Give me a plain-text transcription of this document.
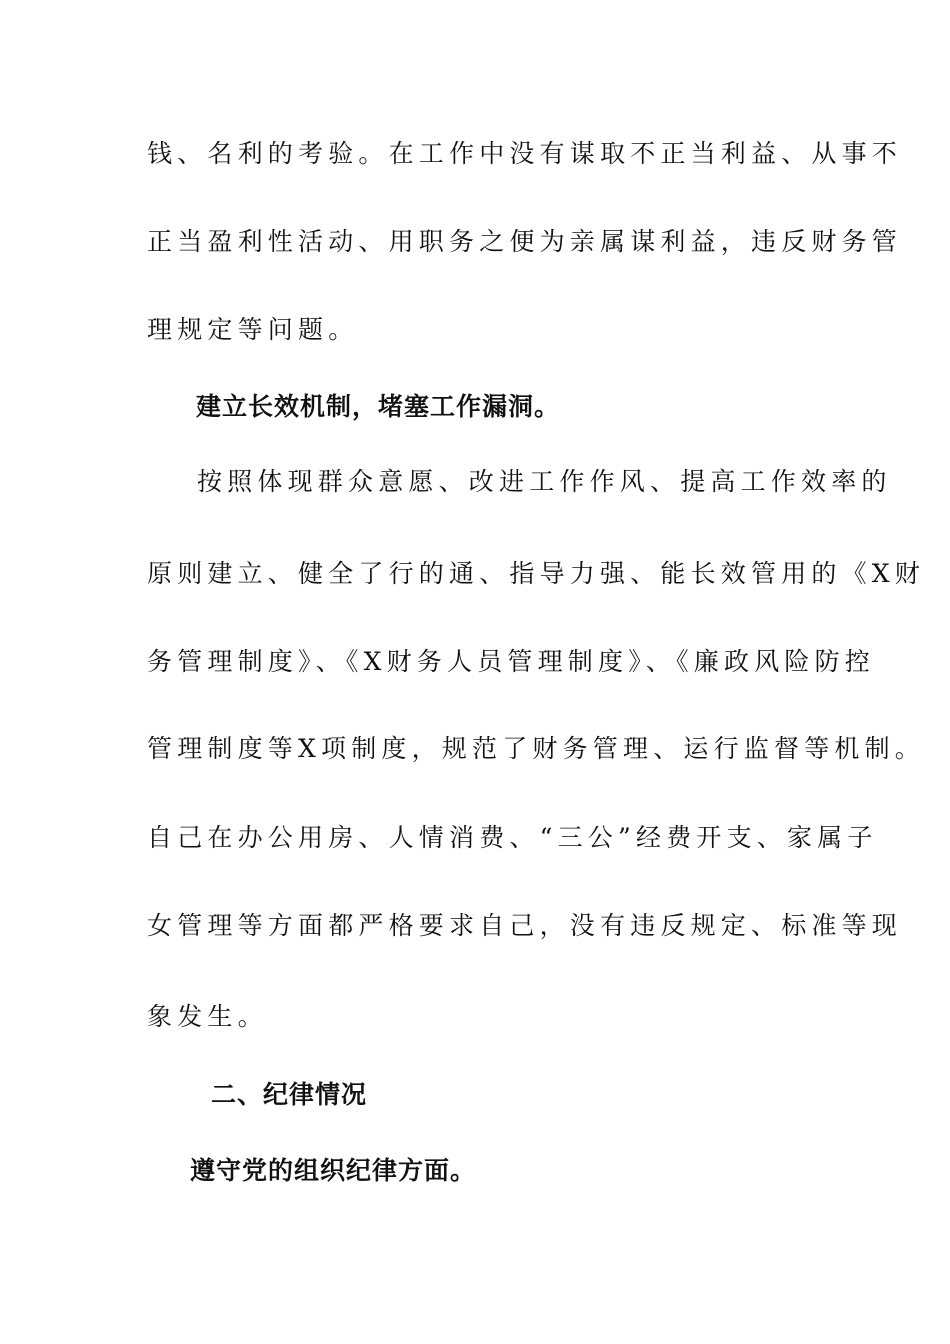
钱、名利的考验。在工作中没有谋取不正当利益、从事不
正当盈利性活动、用职务之便为亲属谋利益，违反财务管
理规定等问题。
建立长效机制，堵塞工作漏洞。
按照体现群众意愿、改进工作作风、提高工作效率的
原则建立、健全了行的通、指导力强、能长效管用的《X财
务管理制度》、《X财务人员管理制度》、《廉政风险防控
管理制度等X项制度，规范了财务管理、运行监督等机制。
自己在办公用房、人情消费、“三公”经费开支、家属子
女管理等方面都严格要求自己，没有违反规定、标准等现
象发生。
二、纪律情况
遵守党的组织纪律方面。
